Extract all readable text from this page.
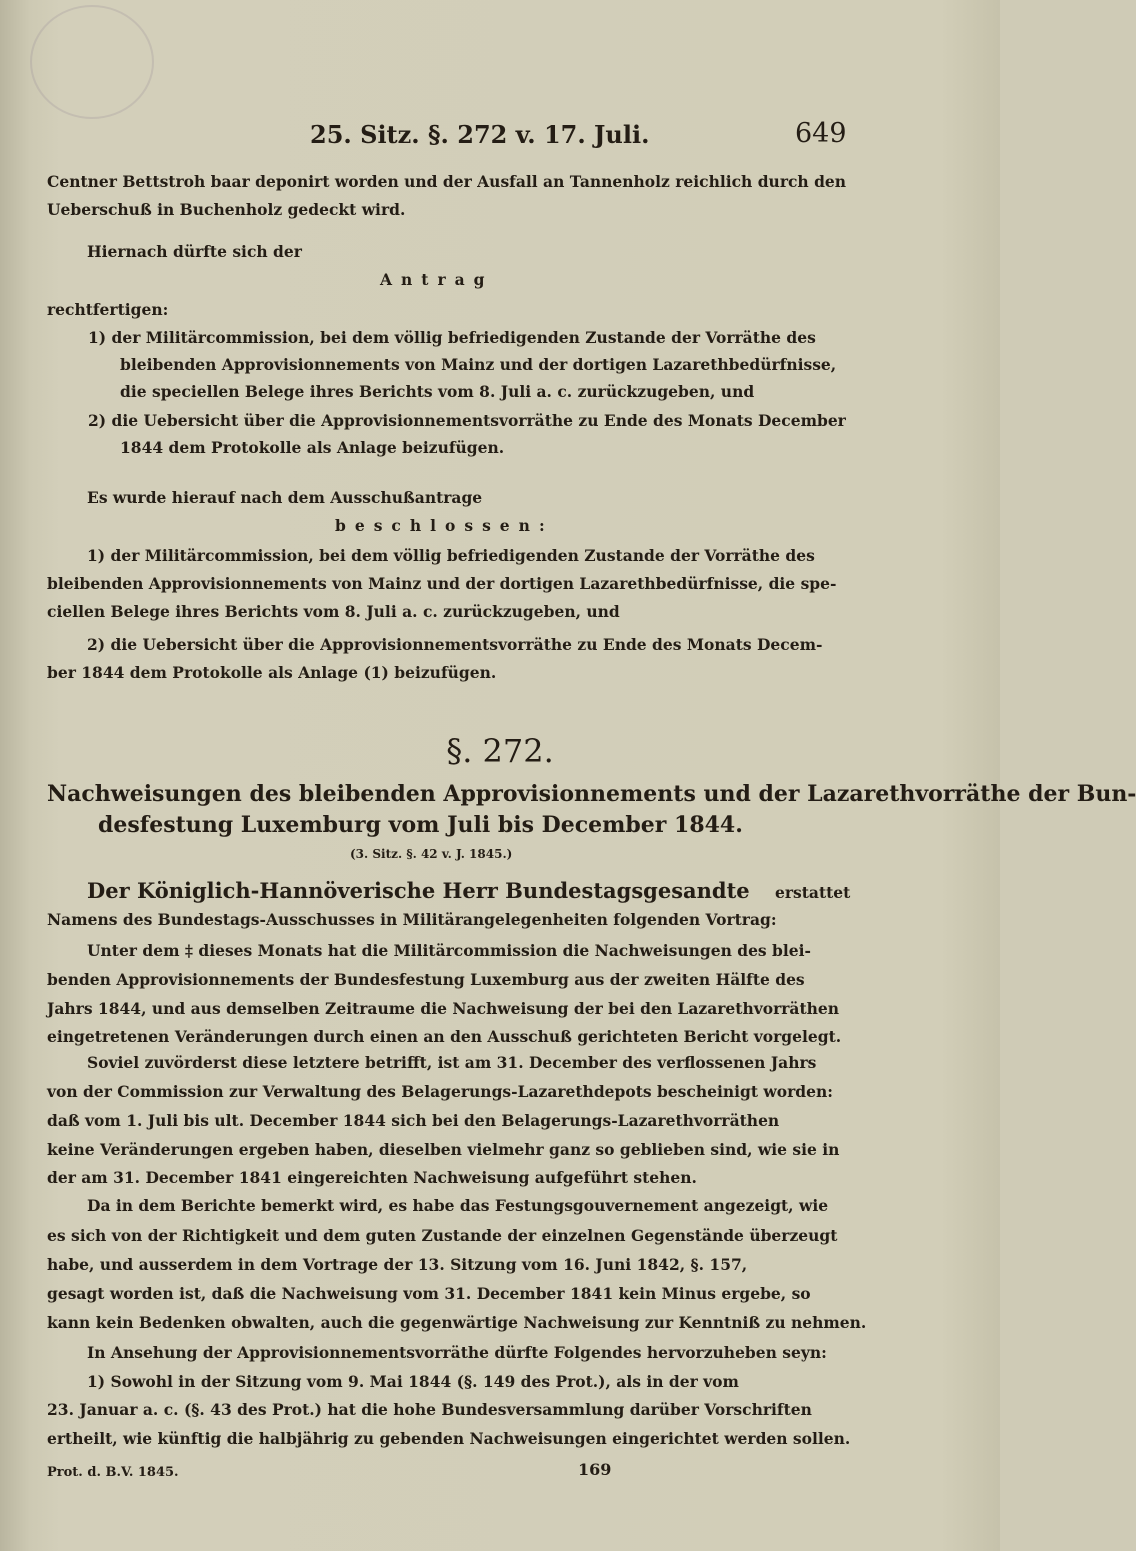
25. Sitz. §. 272 v. 17. Juli.	649
Centner Bettstroh baar deponirt worden und der Ausfall an Tannenholz reichlich durch den
Ueberschuß in Buchenholz gedeckt wird.
Hiernach dürfte sich der
Antrag
rechtfertigen:
1) der Militärcommission, bei dem völlig befriedigenden Zustande der Vorräthe des
bleibenden Approvisionnements von Mainz und der dortigen Lazarethbedürfnisse,
die speciellen Belege ihres Berichts vom 8. Juli a. c. zurückzugeben, und
2) die Uebersicht über die Approvisionnementsvorräthe zu Ende des Monats December
1844 dem Protokolle als Anlage beizufügen.
Es wurde hierauf nach dem Ausschußantrage
beschlossen:
1) der Militärcommission, bei dem völlig befriedigenden Zustande der Vorräthe des
bleibenden Approvisionnements von Mainz und der dortigen Lazarethbedürfnisse, die spe-
ciellen Belege ihres Berichts vom 8. Juli a. c. zurückzugeben, und
2) die Uebersicht über die Approvisionnementsvorräthe zu Ende des Monats Decem-
ber 1844 dem Protokolle als Anlage (1) beizufügen.
§. 272.
Nachweisungen des bleibenden Approvisionnements und der Lazarethvorräthe der Bun-
desfestung Luxemburg vom Juli bis December 1844.
(3. Sitz. §. 42 v. J. 1845.)
Der Königlich-Hannöverische Herr Bundestagsgesandte erstattet
Namens des Bundestags-Ausschusses in Militärangelegenheiten folgenden Vortrag:
Unter dem ‡ dieses Monats hat die Militärcommission die Nachweisungen des blei-
benden Approvisionnements der Bundesfestung Luxemburg aus der zweiten Hälfte des
Jahrs 1844, und aus demselben Zeitraume die Nachweisung der bei den Lazarethvorräthen
eingetretenen Veränderungen durch einen an den Ausschuß gerichteten Bericht vorgelegt.
Soviel zuvörderst diese letztere betrifft, ist am 31. December des verflossenen Jahrs
von der Commission zur Verwaltung des Belagerungs-Lazarethdepots bescheinigt worden:
daß vom 1. Juli bis ult. December 1844 sich bei den Belagerungs-Lazarethvorräthen
keine Veränderungen ergeben haben, dieselben vielmehr ganz so geblieben sind, wie sie in
der am 31. December 1841 eingereichten Nachweisung aufgeführt stehen.
Da in dem Berichte bemerkt wird, es habe das Festungsgouvernement angezeigt, wie
es sich von der Richtigkeit und dem guten Zustande der einzelnen Gegenstände überzeugt
habe, und ausserdem in dem Vortrage der 13. Sitzung vom 16. Juni 1842, §. 157,
gesagt worden ist, daß die Nachweisung vom 31. December 1841 kein Minus ergebe, so
kann kein Bedenken obwalten, auch die gegenwärtige Nachweisung zur Kenntniß zu nehmen.
In Ansehung der Approvisionnementsvorräthe dürfte Folgendes hervorzuheben seyn:
1) Sowohl in der Sitzung vom 9. Mai 1844 (§. 149 des Prot.), als in der vom
23. Januar a. c. (§. 43 des Prot.) hat die hohe Bundesversammlung darüber Vorschriften
ertheilt, wie künftig die halbjährig zu gebenden Nachweisungen eingerichtet werden sollen.
Prot. d. B.V. 1845.	169
